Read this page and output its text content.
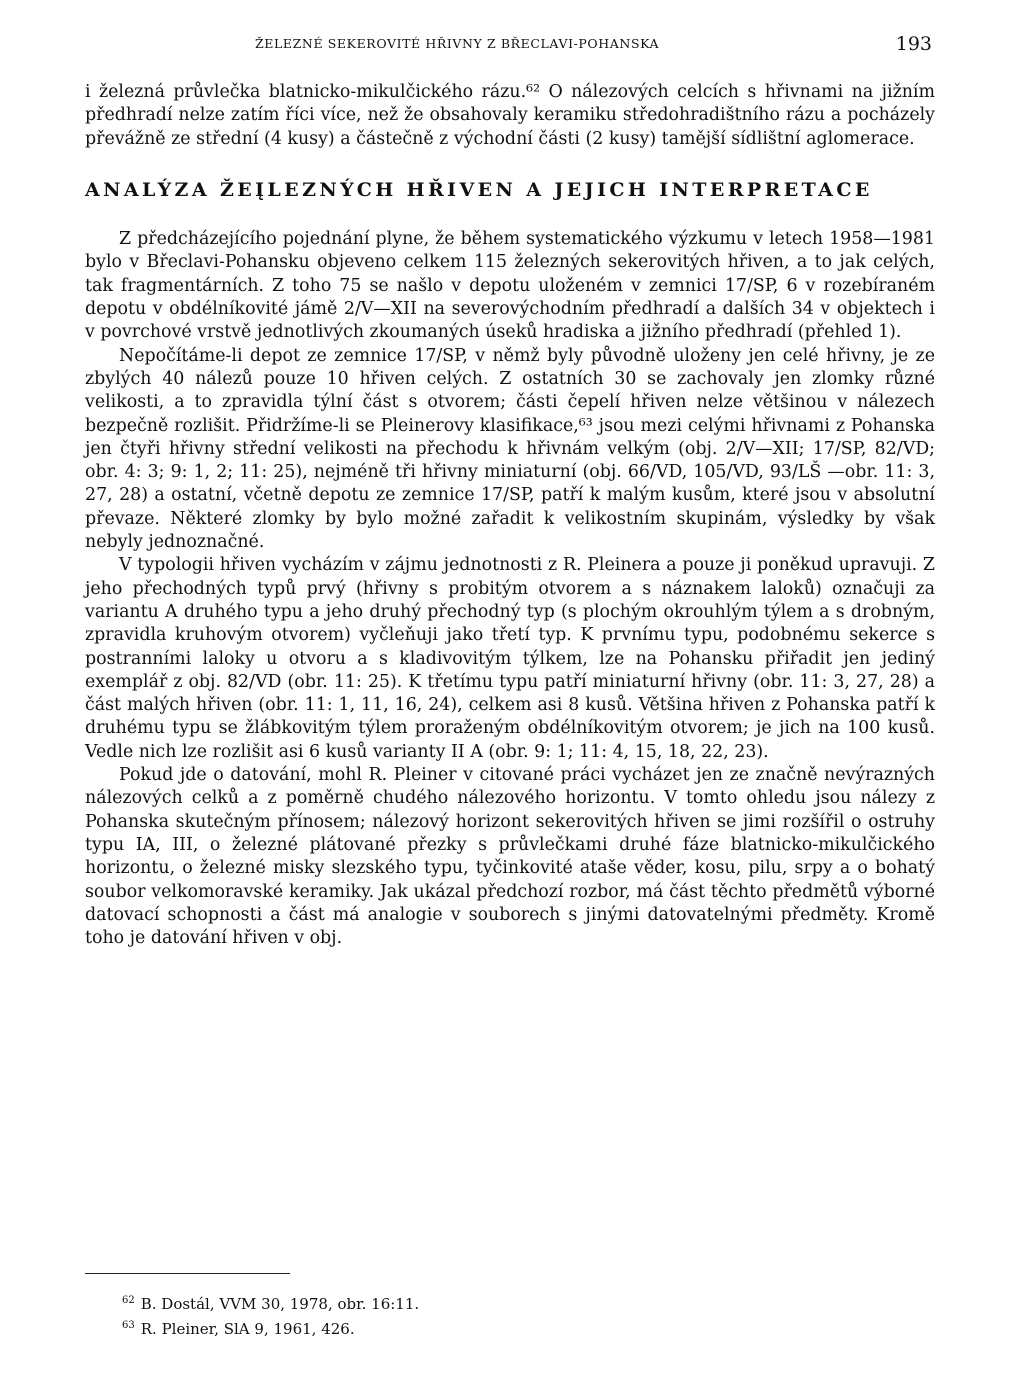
ŽELEZNÉ SEKEROVITÉ HŘIVNY Z BŘECLAVI-POHANSKA	193

i železná průvlečka blatnicko-mikulčického rázu.⁶² O nálezových celcích s hřivnami na jižním předhradí nelze zatím říci více, než že obsahovaly keramiku středohradištního rázu a pocházely převážně ze střední (4 kusy) a částečně z východní části (2 kusy) tamější sídlištní aglomerace.

ANALÝZA ŽEĮLEZNÝCH HŘIVEN A JEJICH INTERPRETACE

Z předcházejícího pojednání plyne, že během systematického výzkumu v letech 1958—1981 bylo v Břeclavi-Pohansku objeveno celkem 115 železných sekerovitých hřiven, a to jak celých, tak fragmentárních. Z toho 75 se našlo v depotu uloženém v zemnici 17/SP, 6 v rozebíraném depotu v obdélníkovité jámě 2/V—XII na severovýchodním předhradí a dalších 34 v objektech i v povrchové vrstvě jednotlivých zkoumaných úseků hradiska a jižního předhradí (přehled 1).

Nepočítáme-li depot ze zemnice 17/SP, v němž byly původně uloženy jen celé hřivny, je ze zbylých 40 nálezů pouze 10 hřiven celých. Z ostatních 30 se zachovaly jen zlomky různé velikosti, a to zpravidla týlní část s otvorem; části čepelí hřiven nelze většinou v nálezech bezpečně rozlišit. Přidržíme-li se Pleinerovy klasifikace,⁶³ jsou mezi celými hřivnami z Pohanska jen čtyři hřivny střední velikosti na přechodu k hřivnám velkým (obj. 2/V—XII; 17/SP, 82/VD; obr. 4: 3; 9: 1, 2; 11: 25), nejméně tři hřivny miniaturní (obj. 66/VD, 105/VD, 93/LŠ —obr. 11: 3, 27, 28) a ostatní, včetně depotu ze zemnice 17/SP, patří k malým kusům, které jsou v absolutní převaze. Některé zlomky by bylo možné zařadit k velikostním skupinám, výsledky by však nebyly jednoznačné.

V typologii hřiven vycházím v zájmu jednotnosti z R. Pleinera a pouze ji poněkud upravuji. Z jeho přechodných typů prvý (hřivny s probitým otvorem a s náznakem laloků) označuji za variantu A druhého typu a jeho druhý přechodný typ (s plochým okrouhlým týlem a s drobným, zpravidla kruhovým otvorem) vyčleňuji jako třetí typ. K prvnímu typu, podobnému sekerce s postranními laloky u otvoru a s kladivovitým týlkem, lze na Pohansku přiřadit jen jediný exemplář z obj. 82/VD (obr. 11: 25). K třetímu typu patří miniaturní hřivny (obr. 11: 3, 27, 28) a část malých hřiven (obr. 11: 1, 11, 16, 24), celkem asi 8 kusů. Většina hřiven z Pohanska patří k druhému typu se žlábkovitým týlem proraženým obdélníkovitým otvorem; je jich na 100 kusů. Vedle nich lze rozlišit asi 6 kusů varianty II A (obr. 9: 1; 11: 4, 15, 18, 22, 23).

Pokud jde o datování, mohl R. Pleiner v citované práci vycházet jen ze značně nevýrazných nálezových celků a z poměrně chudého nálezového horizontu. V tomto ohledu jsou nálezy z Pohanska skutečným přínosem; nálezový horizont sekerovitých hřiven se jimi rozšířil o ostruhy typu IA, III, o železné plátované přezky s průvlečkami druhé fáze blatnicko-mikulčického horizontu, o železné misky slezského typu, tyčinkovité atašе věder, kosu, pilu, srpy a o bohatý soubor velkomoravské keramiky. Jak ukázal předchozí rozbor, má část těchto předmětů výborné datovací schopnosti a část má analogie v souborech s jinými datovatelnými předměty. Kromě toho je datování hřiven v obj.

$^{62}$ B. Dostál, VVM 30, 1978, obr. 16:11.
$^{63}$ R. Pleiner, SlA 9, 1961, 426.
